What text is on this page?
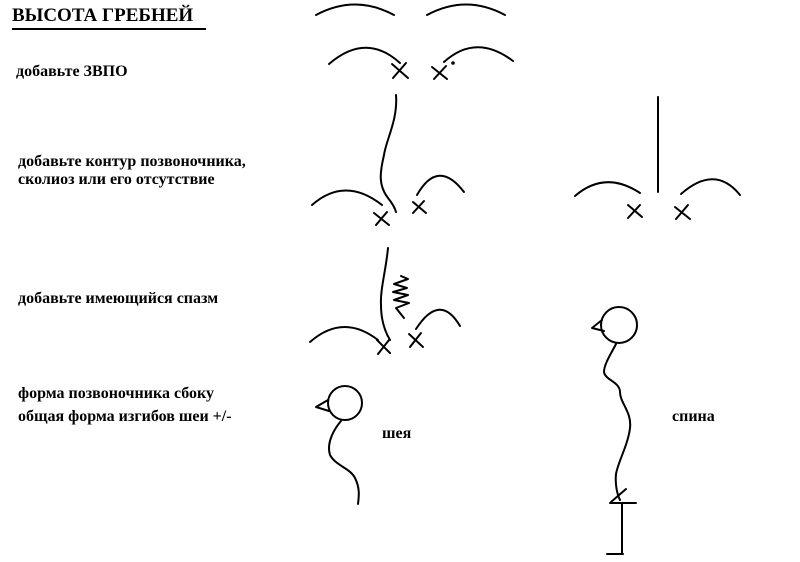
ВЫСОТА ГРЕБНЕЙ
добавьте ЗВПО
добавьте контур позвоночника,
сколиоз или его отсутствие
добавьте имеющийся спазм
форма позвоночника сбоку
общая форма изгибов шеи +/-
шея
спина
